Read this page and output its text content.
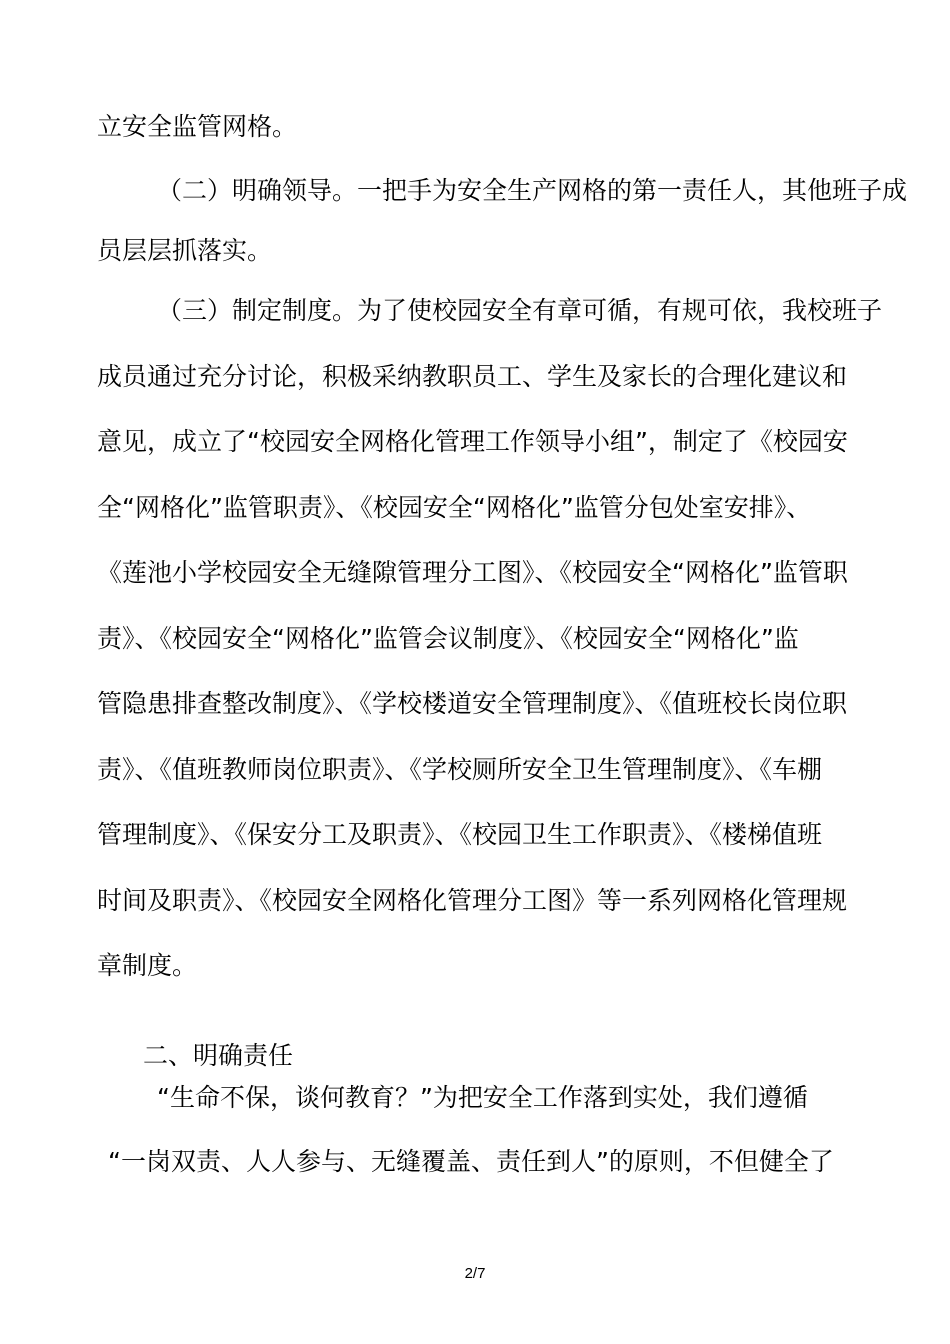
立安全监管网格。
（二）明确领导。一把手为安全生产网格的第一责任人，其他班子成
员层层抓落实。
（三）制定制度。为了使校园安全有章可循，有规可依，我校班子
成员通过充分讨论，积极采纳教职员工、学生及家长的合理化建议和
意见，成立了“校园安全网格化管理工作领导小组”，制定了《校园安
全“网格化”监管职责》、《校园安全“网格化”监管分包处室安排》、
《莲池小学校园安全无缝隙管理分工图》、《校园安全“网格化”监管职
责》、《校园安全“网格化”监管会议制度》、《校园安全“网格化”监
管隐患排查整改制度》、《学校楼道安全管理制度》、《值班校长岗位职
责》、《值班教师岗位职责》、《学校厕所安全卫生管理制度》、《车棚
管理制度》、《保安分工及职责》、《校园卫生工作职责》、《楼梯值班
时间及职责》、《校园安全网格化管理分工图》等一系列网格化管理规
章制度。
二、明确责任
“生命不保，谈何教育？”为把安全工作落到实处，我们遵循
“一岗双责、人人参与、无缝覆盖、责任到人”的原则，不但健全了
2/7
